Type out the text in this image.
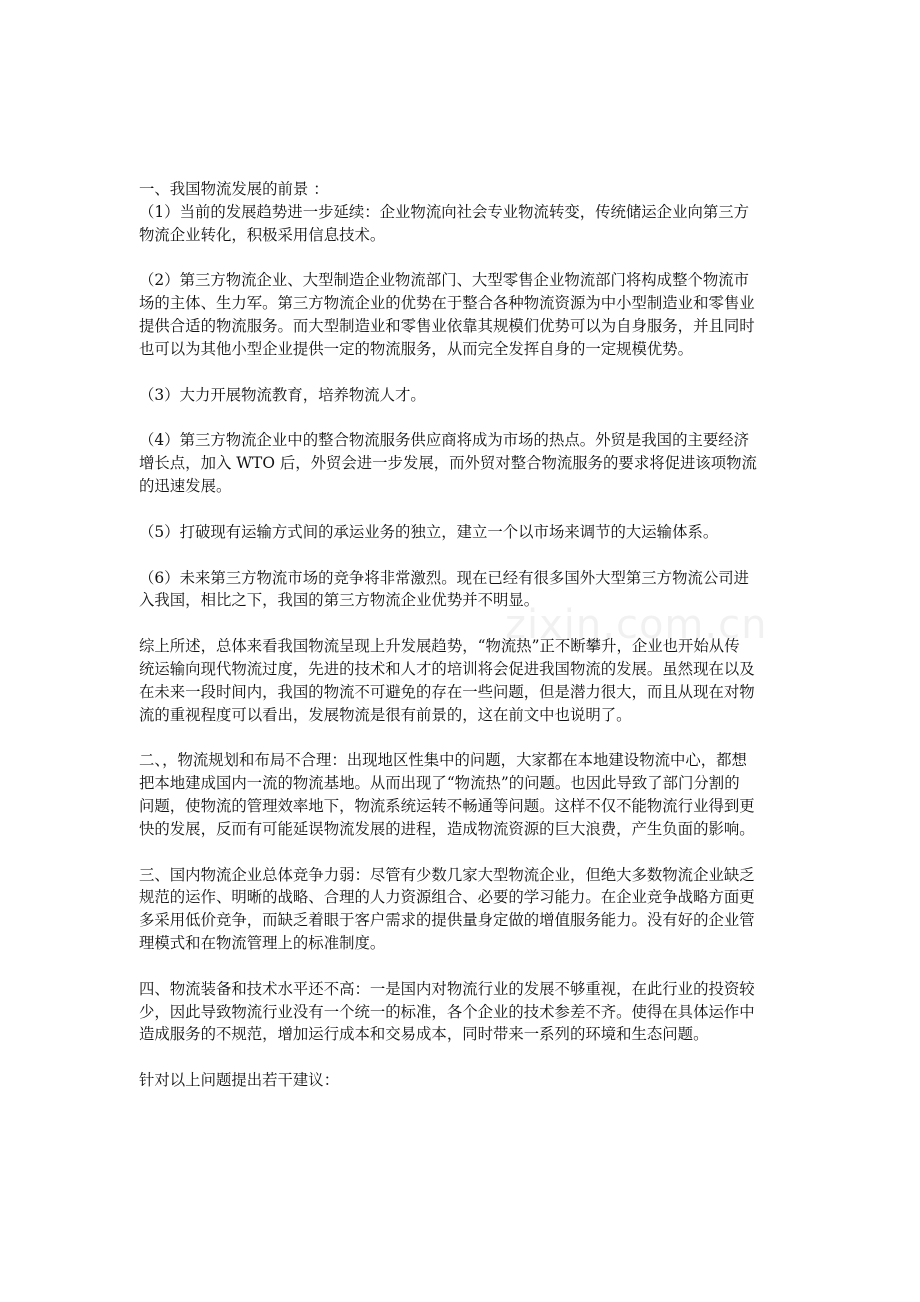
zixin.com.cn

一、我国物流发展的前景 ：
（1）当前的发展趋势进一步延续：企业物流向社会专业物流转变，传统储运企业向第三方
物流企业转化，积极采用信息技术。

（2）第三方物流企业、大型制造企业物流部门、大型零售企业物流部门将构成整个物流市
场的主体、生力军。第三方物流企业的优势在于整合各种物流资源为中小型制造业和零售业
提供合适的物流服务。而大型制造业和零售业依靠其规模们优势可以为自身服务，并且同时
也可以为其他小型企业提供一定的物流服务，从而完全发挥自身的一定规模优势。

（3）大力开展物流教育，培养物流人才。

（4）第三方物流企业中的整合物流服务供应商将成为市场的热点。外贸是我国的主要经济
增长点，加入 WTO 后，外贸会进一步发展，而外贸对整合物流服务的要求将促进该项物流
的迅速发展。

（5）打破现有运输方式间的承运业务的独立，建立一个以市场来调节的大运输体系。

（6）未来第三方物流市场的竞争将非常激烈。现在已经有很多国外大型第三方物流公司进
入我国，相比之下，我国的第三方物流企业优势并不明显。

综上所述，总体来看我国物流呈现上升发展趋势，“物流热”正不断攀升，企业也开始从传
统运输向现代物流过度，先进的技术和人才的培训将会促进我国物流的发展。虽然现在以及
在未来一段时间内，我国的物流不可避免的存在一些问题，但是潜力很大，而且从现在对物
流的重视程度可以看出，发展物流是很有前景的，这在前文中也说明了。

二、，物流规划和布局不合理：出现地区性集中的问题，大家都在本地建设物流中心，都想
把本地建成国内一流的物流基地。从而出现了“物流热”的问题。也因此导致了部门分割的
问题，使物流的管理效率地下，物流系统运转不畅通等问题。这样不仅不能物流行业得到更
快的发展，反而有可能延误物流发展的进程，造成物流资源的巨大浪费，产生负面的影响。

三、国内物流企业总体竞争力弱：尽管有少数几家大型物流企业，但绝大多数物流企业缺乏
规范的运作、明晰的战略、合理的人力资源组合、必要的学习能力。在企业竞争战略方面更
多采用低价竞争，而缺乏着眼于客户需求的提供量身定做的增值服务能力。没有好的企业管
理模式和在物流管理上的标准制度。

四、物流装备和技术水平还不高：一是国内对物流行业的发展不够重视，在此行业的投资较
少，因此导致物流行业没有一个统一的标准，各个企业的技术参差不齐。使得在具体运作中
造成服务的不规范，增加运行成本和交易成本，同时带来一系列的环境和生态问题。

针对以上问题提出若干建议：
